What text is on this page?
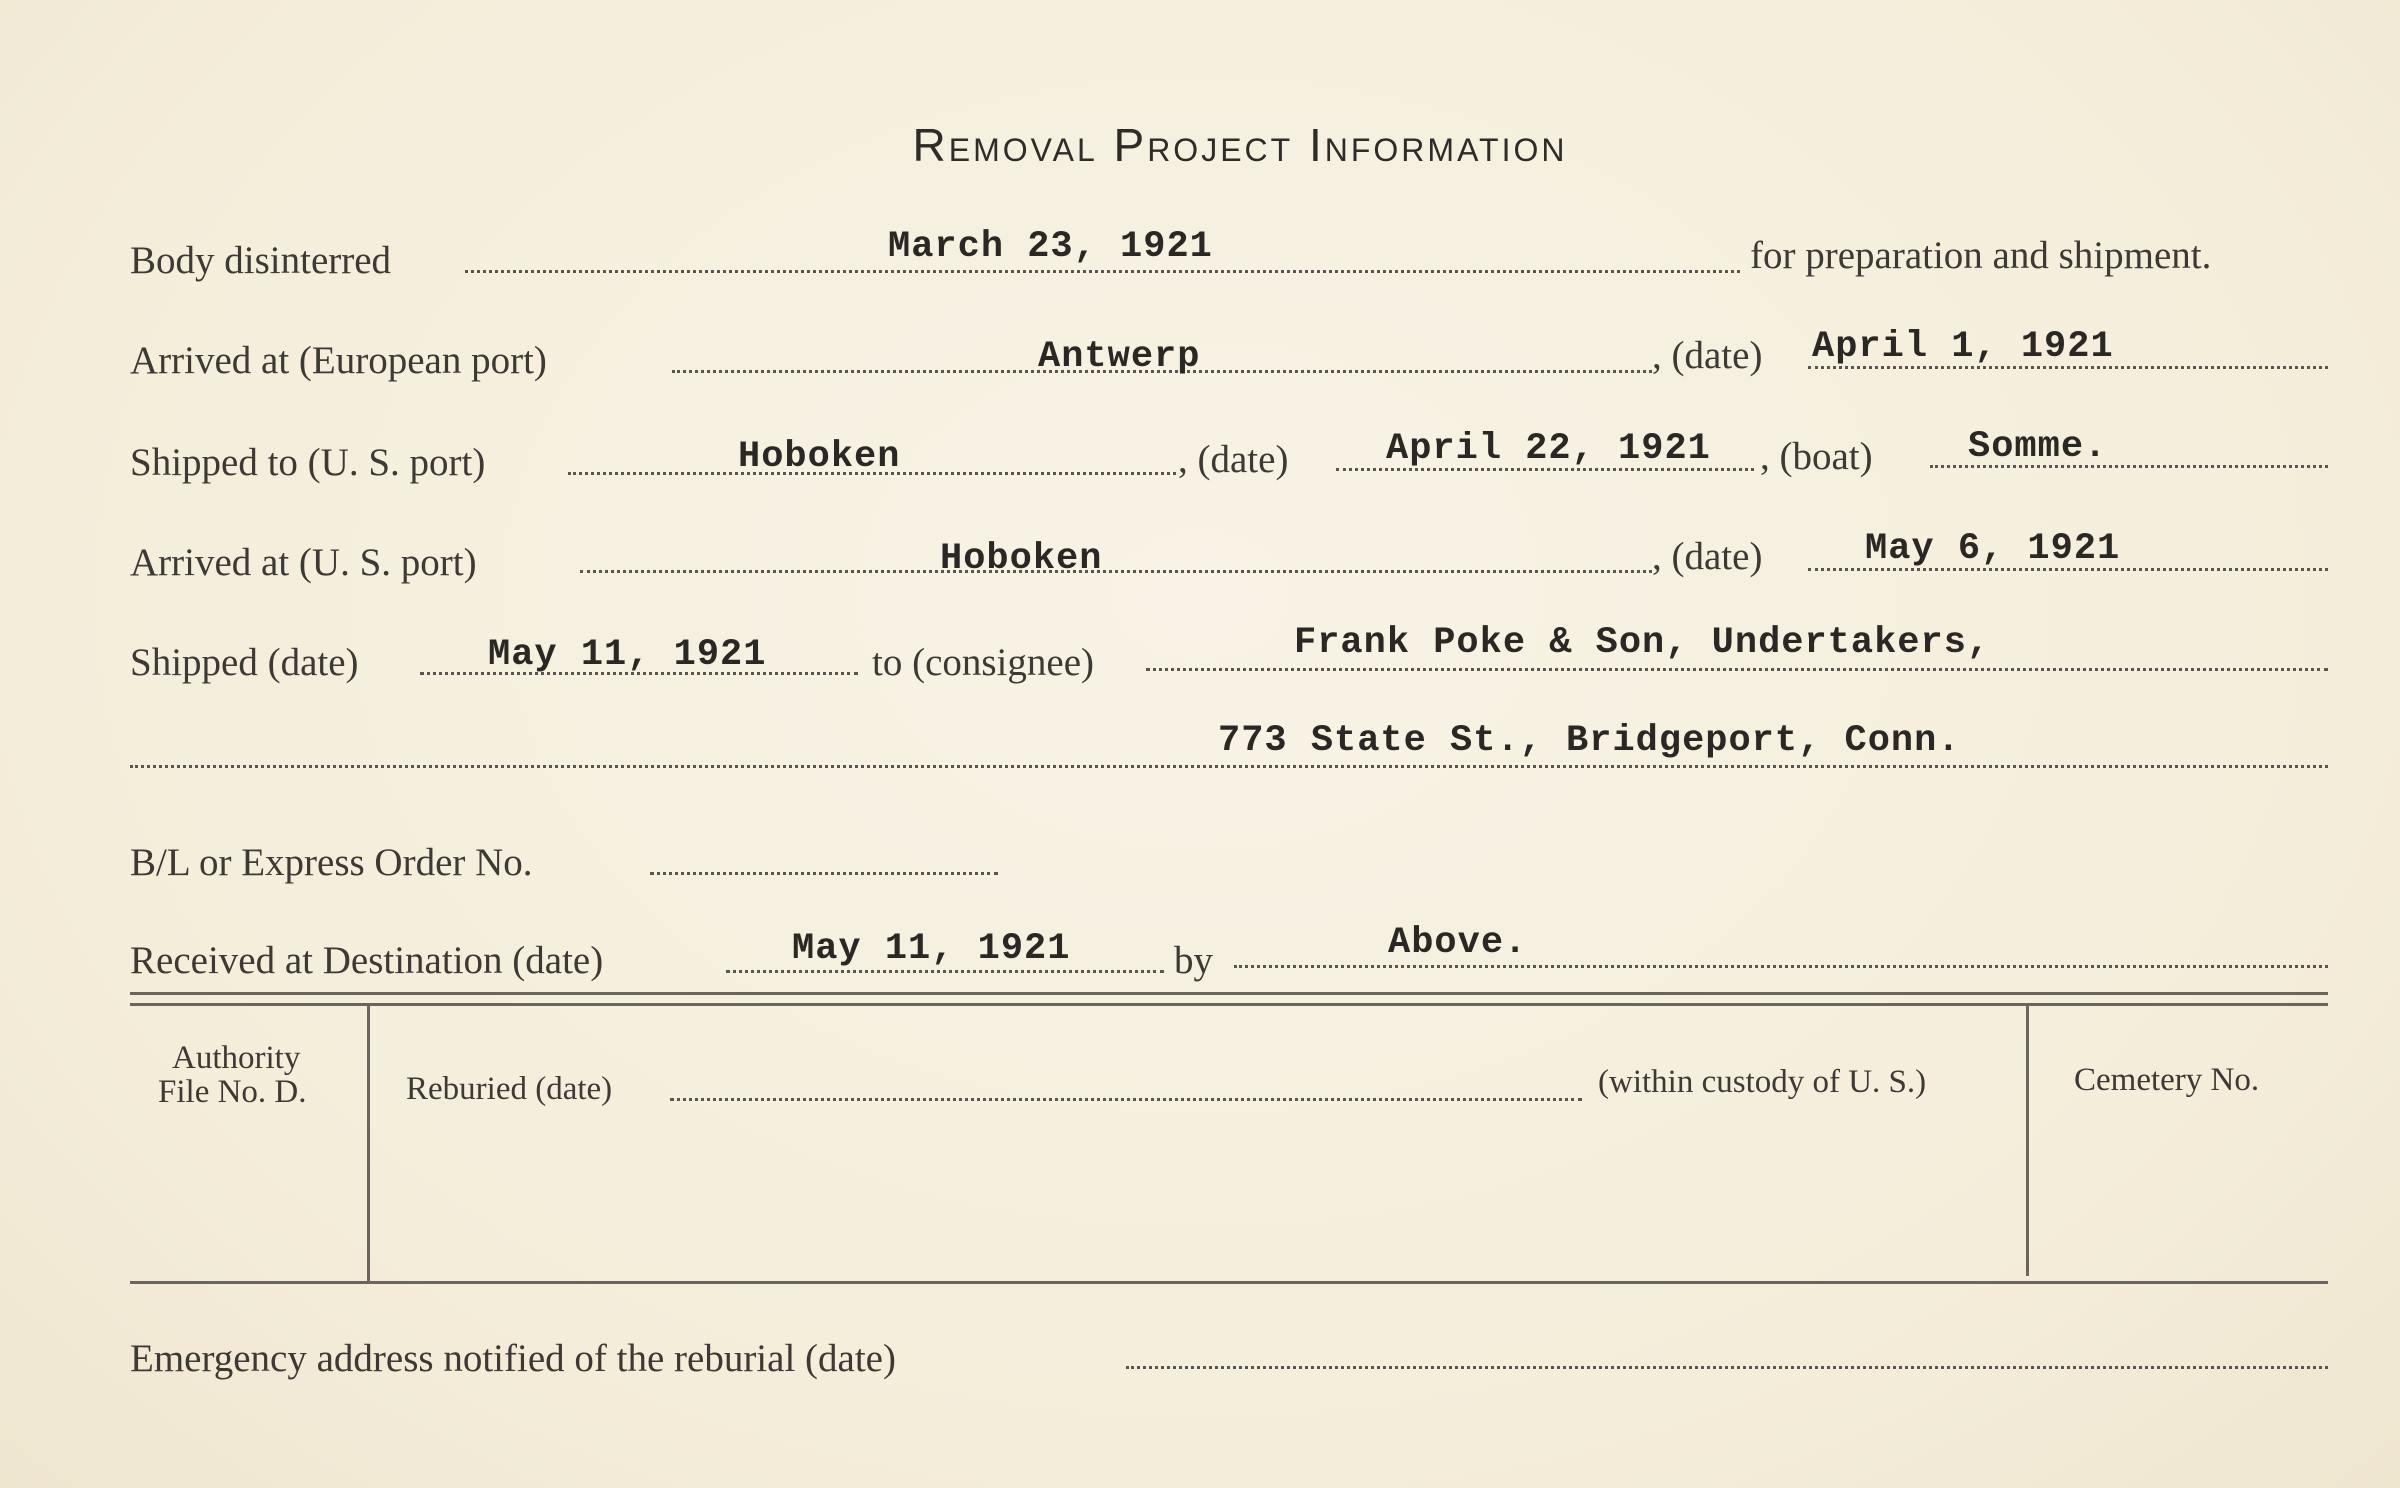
Removal Project Information
Body disinterred	March 23, 1921	for preparation and shipment.
Arrived at (European port)	Antwerp	, (date) April 1, 1921
Shipped to (U. S. port)	Hoboken	, (date)	April 22, 1921 , (boat)	Somme.
Arrived at (U. S. port)	Hoboken	, (date)	May 6, 1921
Shipped (date)	May 11, 1921	to (consignee)	Frank Poke & Son, Undertakers,
773 State St., Bridgeport, Conn.
B/L or Express Order No.
Received at Destination (date)	May 11, 1921	by	Above.
Authority
File No. D.	Reburied (date)	(within custody of U. S.)	Cemetery No.
Emergency address notified of the reburial (date)
